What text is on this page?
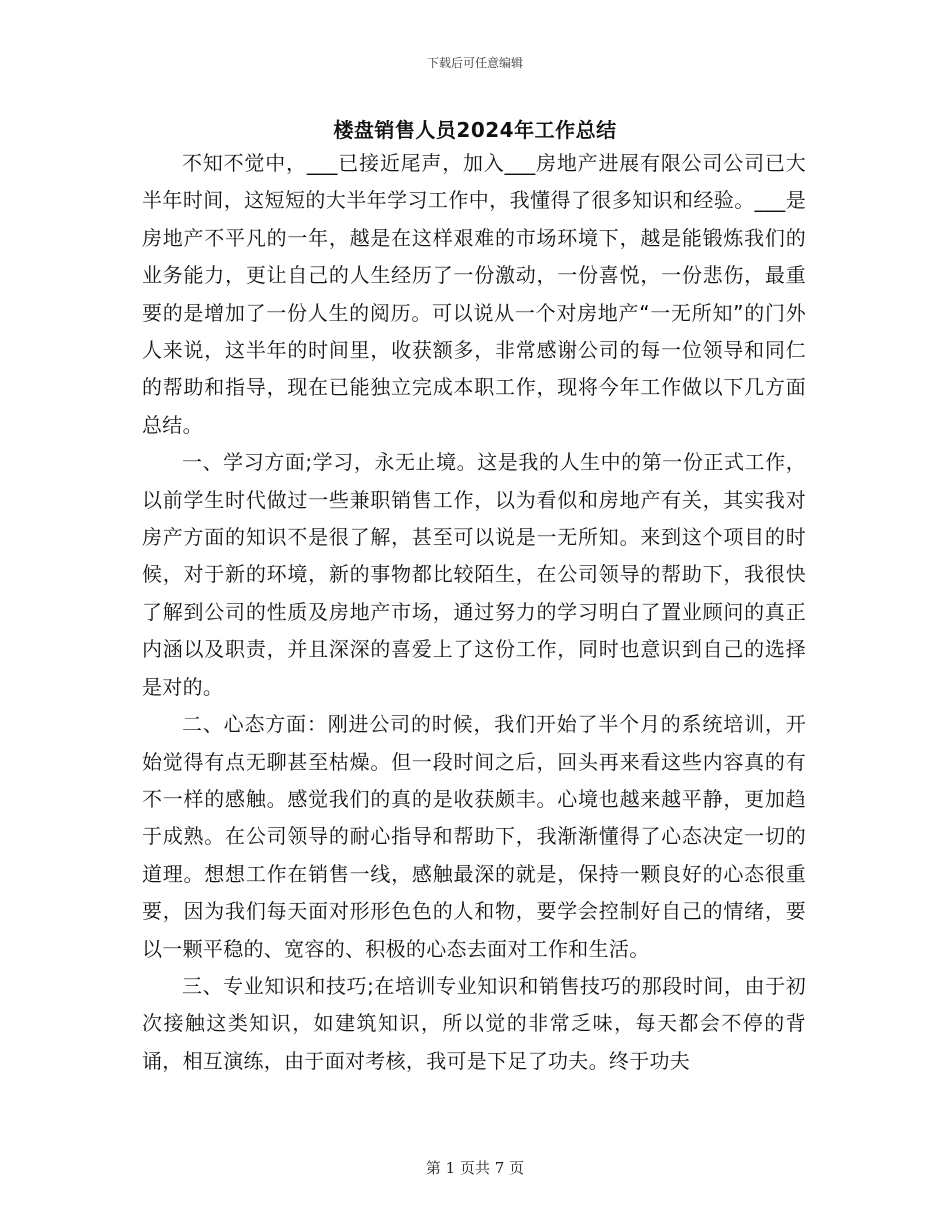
下载后可任意编辑
楼盘销售人员2024年工作总结

不知不觉中，___已接近尾声，加入___房地产进展有限公司公司已大半年时间，这短短的大半年学习工作中，我懂得了很多知识和经验。___是房地产不平凡的一年，越是在这样艰难的市场环境下，越是能锻炼我们的业务能力，更让自己的人生经历了一份激动，一份喜悦，一份悲伤，最重要的是增加了一份人生的阅历。可以说从一个对房地产“一无所知”的门外人来说，这半年的时间里，收获额多，非常感谢公司的每一位领导和同仁的帮助和指导，现在已能独立完成本职工作，现将今年工作做以下几方面总结。

一、学习方面;学习，永无止境。这是我的人生中的第一份正式工作，以前学生时代做过一些兼职销售工作，以为看似和房地产有关，其实我对房产方面的知识不是很了解，甚至可以说是一无所知。来到这个项目的时候，对于新的环境，新的事物都比较陌生，在公司领导的帮助下，我很快了解到公司的性质及房地产市场，通过努力的学习明白了置业顾问的真正内涵以及职责，并且深深的喜爱上了这份工作，同时也意识到自己的选择是对的。

二、心态方面：刚进公司的时候，我们开始了半个月的系统培训，开始觉得有点无聊甚至枯燥。但一段时间之后，回头再来看这些内容真的有不一样的感触。感觉我们的真的是收获颇丰。心境也越来越平静，更加趋于成熟。在公司领导的耐心指导和帮助下，我渐渐懂得了心态决定一切的道理。想想工作在销售一线，感触最深的就是，保持一颗良好的心态很重要，因为我们每天面对形形色色的人和物，要学会控制好自己的情绪，要以一颗平稳的、宽容的、积极的心态去面对工作和生活。

三、专业知识和技巧;在培训专业知识和销售技巧的那段时间，由于初次接触这类知识，如建筑知识，所以觉的非常乏味，每天都会不停的背诵，相互演练，由于面对考核，我可是下足了功夫。终于功夫

第 1 页共 7 页
